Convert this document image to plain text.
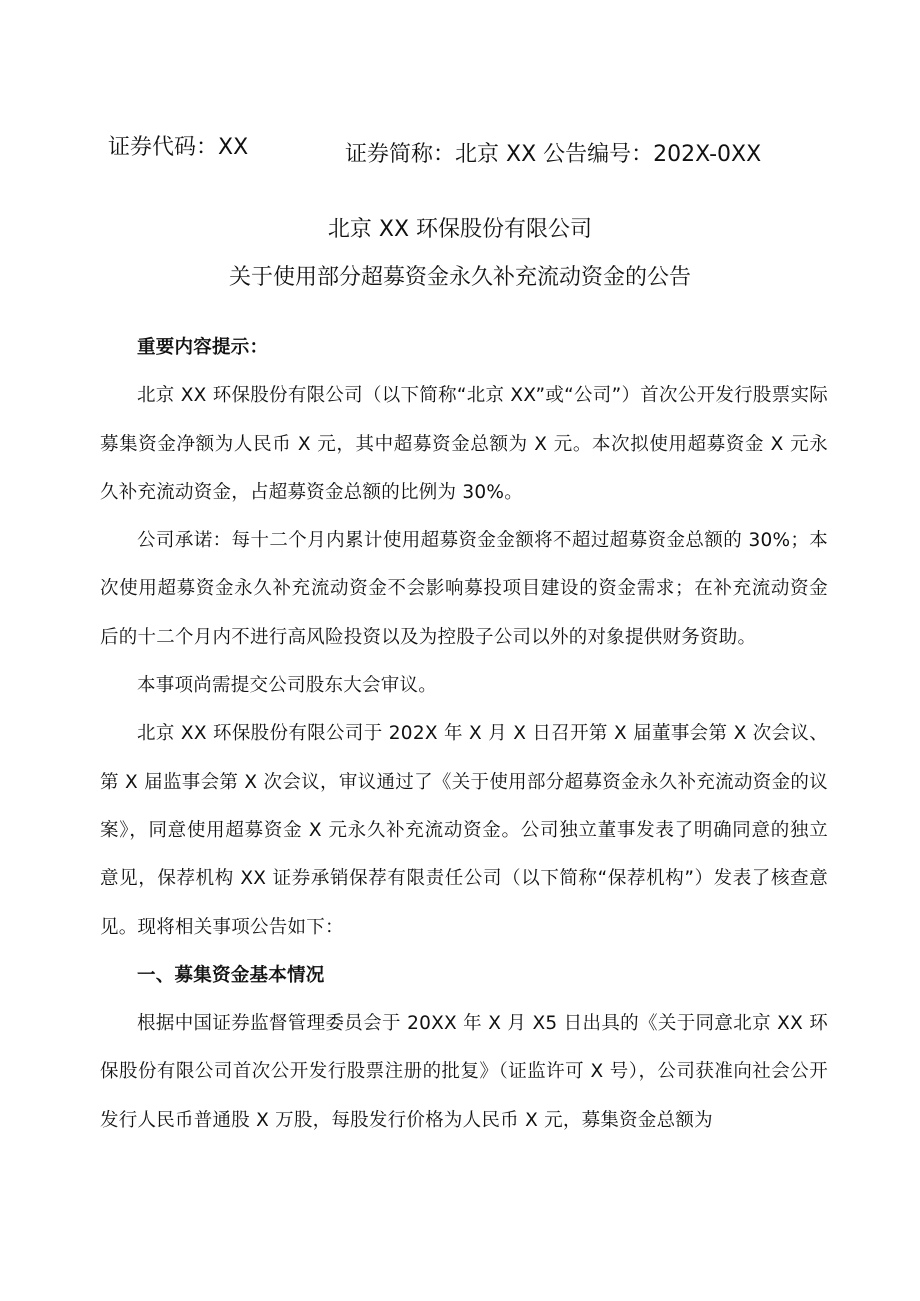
证券代码：XX	证券简称：北京 XX 公告编号：202X-0XX
北京 XX 环保股份有限公司
关于使用部分超募资金永久补充流动资金的公告

重要内容提示：

北京 XX 环保股份有限公司（以下简称“北京 XX”或“公司”）首次公开发行股票实际募集资金净额为人民币 X 元，其中超募资金总额为 X 元。本次拟使用超募资金 X 元永久补充流动资金，占超募资金总额的比例为 30%。

公司承诺：每十二个月内累计使用超募资金金额将不超过超募资金总额的 30%；本次使用超募资金永久补充流动资金不会影响募投项目建设的资金需求；在补充流动资金后的十二个月内不进行高风险投资以及为控股子公司以外的对象提供财务资助。

本事项尚需提交公司股东大会审议。

北京 XX 环保股份有限公司于 202X 年 X 月 X 日召开第 X 届董事会第 X 次会议、第 X 届监事会第 X 次会议，审议通过了《关于使用部分超募资金永久补充流动资金的议案》，同意使用超募资金 X 元永久补充流动资金。公司独立董事发表了明确同意的独立意见，保荐机构 XX 证券承销保荐有限责任公司（以下简称“保荐机构”）发表了核查意见。现将相关事项公告如下：

一、募集资金基本情况

根据中国证券监督管理委员会于 20XX 年 X 月 X5 日出具的《关于同意北京 XX 环保股份有限公司首次公开发行股票注册的批复》（证监许可 X 号），公司获准向社会公开发行人民币普通股 X 万股，每股发行价格为人民币 X 元，募集资金总额为
